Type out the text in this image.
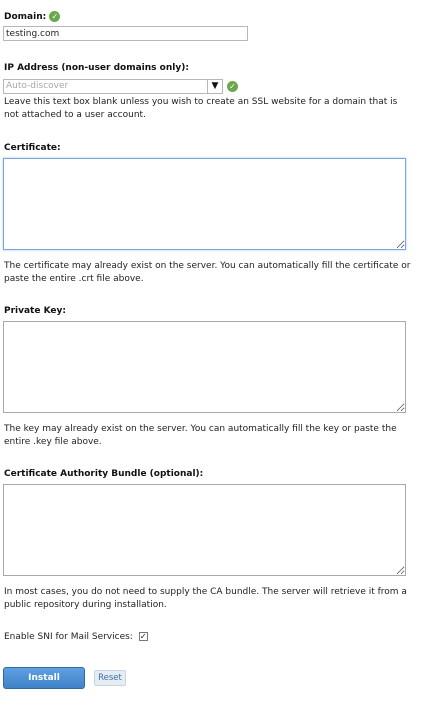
Domain: ✓
testing.com
IP Address (non-user domains only):
Auto-discover	▼	✓
Leave this text box blank unless you wish to create an SSL website for a domain that is not attached to a user account.
Certificate:
The certificate may already exist on the server. You can automatically fill the certificate or paste the entire .crt file above.
Private Key:
The key may already exist on the server. You can automatically fill the key or paste the entire .key file above.
Certificate Authority Bundle (optional):
In most cases, you do not need to supply the CA bundle. The server will retrieve it from a public repository during installation.
Enable SNI for Mail Services: ✓
Install	Reset
